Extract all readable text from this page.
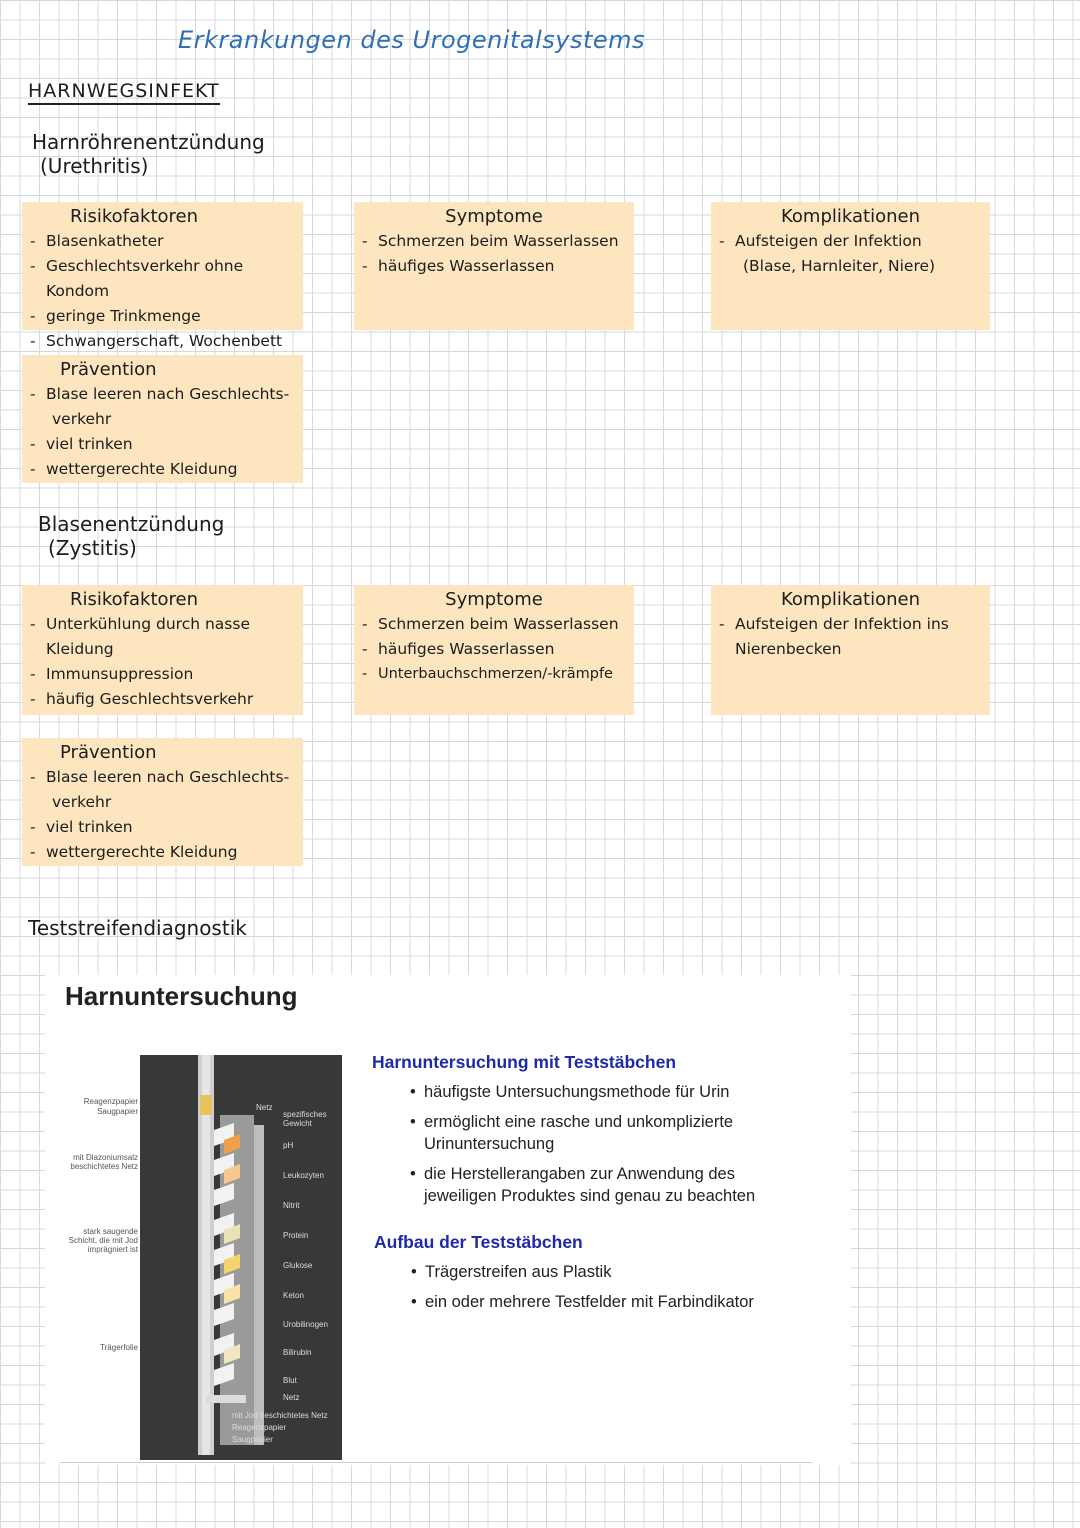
Erkrankungen des Urogenitalsystems
HARNWEGSINFEKT
Harnröhrenentzündung
(Urethritis)
Risikofaktoren
- Blasenkatheter
- Geschlechtsverkehr ohne Kondom
- geringe Trinkmenge
- Schwangerschaft, Wochenbett
Symptome
- Schmerzen beim Wasserlassen
- häufiges Wasserlassen
Komplikationen
- Aufsteigen der Infektion
(Blase, Harnleiter, Niere)
Prävention
- Blase leeren nach Geschlechts-
verkehr
- viel trinken
- wettergerechte Kleidung
Blasenentzündung
(Zystitis)
Risikofaktoren
- Unterkühlung durch nasse
Kleidung
- Immunsuppression
- häufig Geschlechtsverkehr
Symptome
- Schmerzen beim Wasserlassen
- häufiges Wasserlassen
- Unterbauchschmerzen/-krämpfe
Komplikationen
- Aufsteigen der Infektion ins
Nierenbecken
Prävention
- Blase leeren nach Geschlechts-
verkehr
- viel trinken
- wettergerechte Kleidung
Teststreifendiagnostik
Harnuntersuchung
Netz
spezifisches Gewicht
pH
Leukozyten
Nitrit
Protein
Glukose
Keton
Urobilinogen
Bilirubin
Blut
Netz
mit Jod beschichtetes Netz
Reagenzpapier
Saugpapier
Reagenzpapier
Saugpapier
mit Diazoniumsalz beschichtetes Netz
stark saugende Schicht, die mit Jod imprägniert ist
Trägerfolie
Harnuntersuchung mit Teststäbchen
• häufigste Untersuchungsmethode für Urin
• ermöglicht eine rasche und unkomplizierte Urinuntersuchung
• die Herstellerangaben zur Anwendung des jeweiligen Produktes sind genau zu beachten
Aufbau der Teststäbchen
• Trägerstreifen aus Plastik
• ein oder mehrere Testfelder mit Farbindikator
